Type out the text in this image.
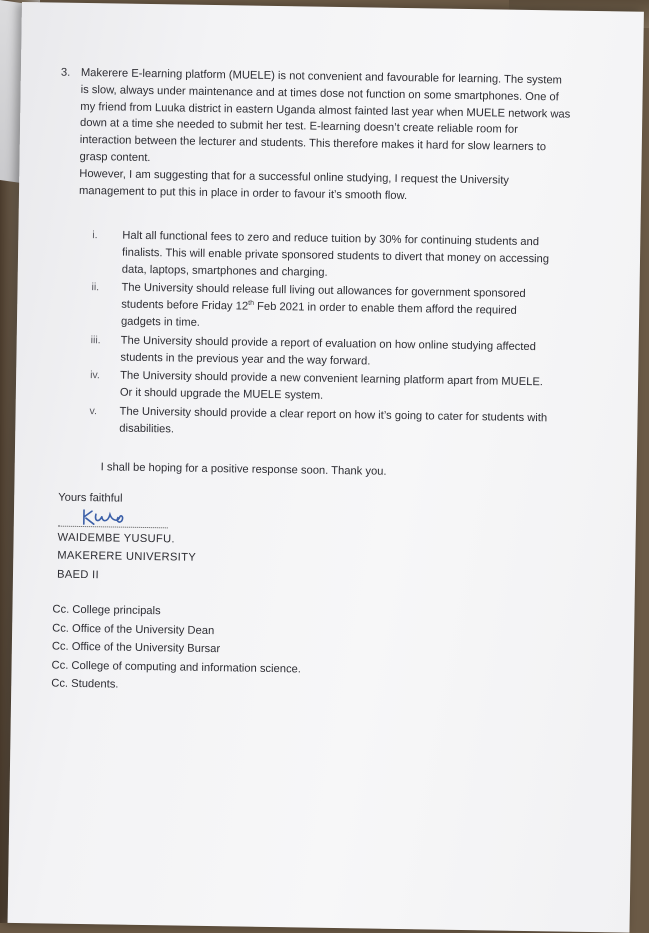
3. Makerere E-learning platform (MUELE) is not convenient and favourable for learning. The system is slow, always under maintenance and at times dose not function on some smartphones. One of my friend from Luuka district in eastern Uganda almost fainted last year when MUELE network was down at a time she needed to submit her test. E-learning doesn’t create reliable room for interaction between the lecturer and students. This therefore makes it hard for slow learners to grasp content.
However, I am suggesting that for a successful online studying, I request the University management to put this in place in order to favour it’s smooth flow.
i. Halt all functional fees to zero and reduce tuition by 30% for continuing students and finalists. This will enable private sponsored students to divert that money on accessing data, laptops, smartphones and charging.
ii. The University should release full living out allowances for government sponsored students before Friday 12th Feb 2021 in order to enable them afford the required gadgets in time.
iii. The University should provide a report of evaluation on how online studying affected students in the previous year and the way forward.
iv. The University should provide a new convenient learning platform apart from MUELE. Or it should upgrade the MUELE system.
v. The University should provide a clear report on how it’s going to cater for students with disabilities.
I shall be hoping for a positive response soon. Thank you.
Yours faithful
WAIDEMBE YUSUFU.
MAKERERE UNIVERSITY
BAED II
Cc. College principals
Cc. Office of the University Dean
Cc. Office of the University Bursar
Cc. College of computing and information science.
Cc. Students.
